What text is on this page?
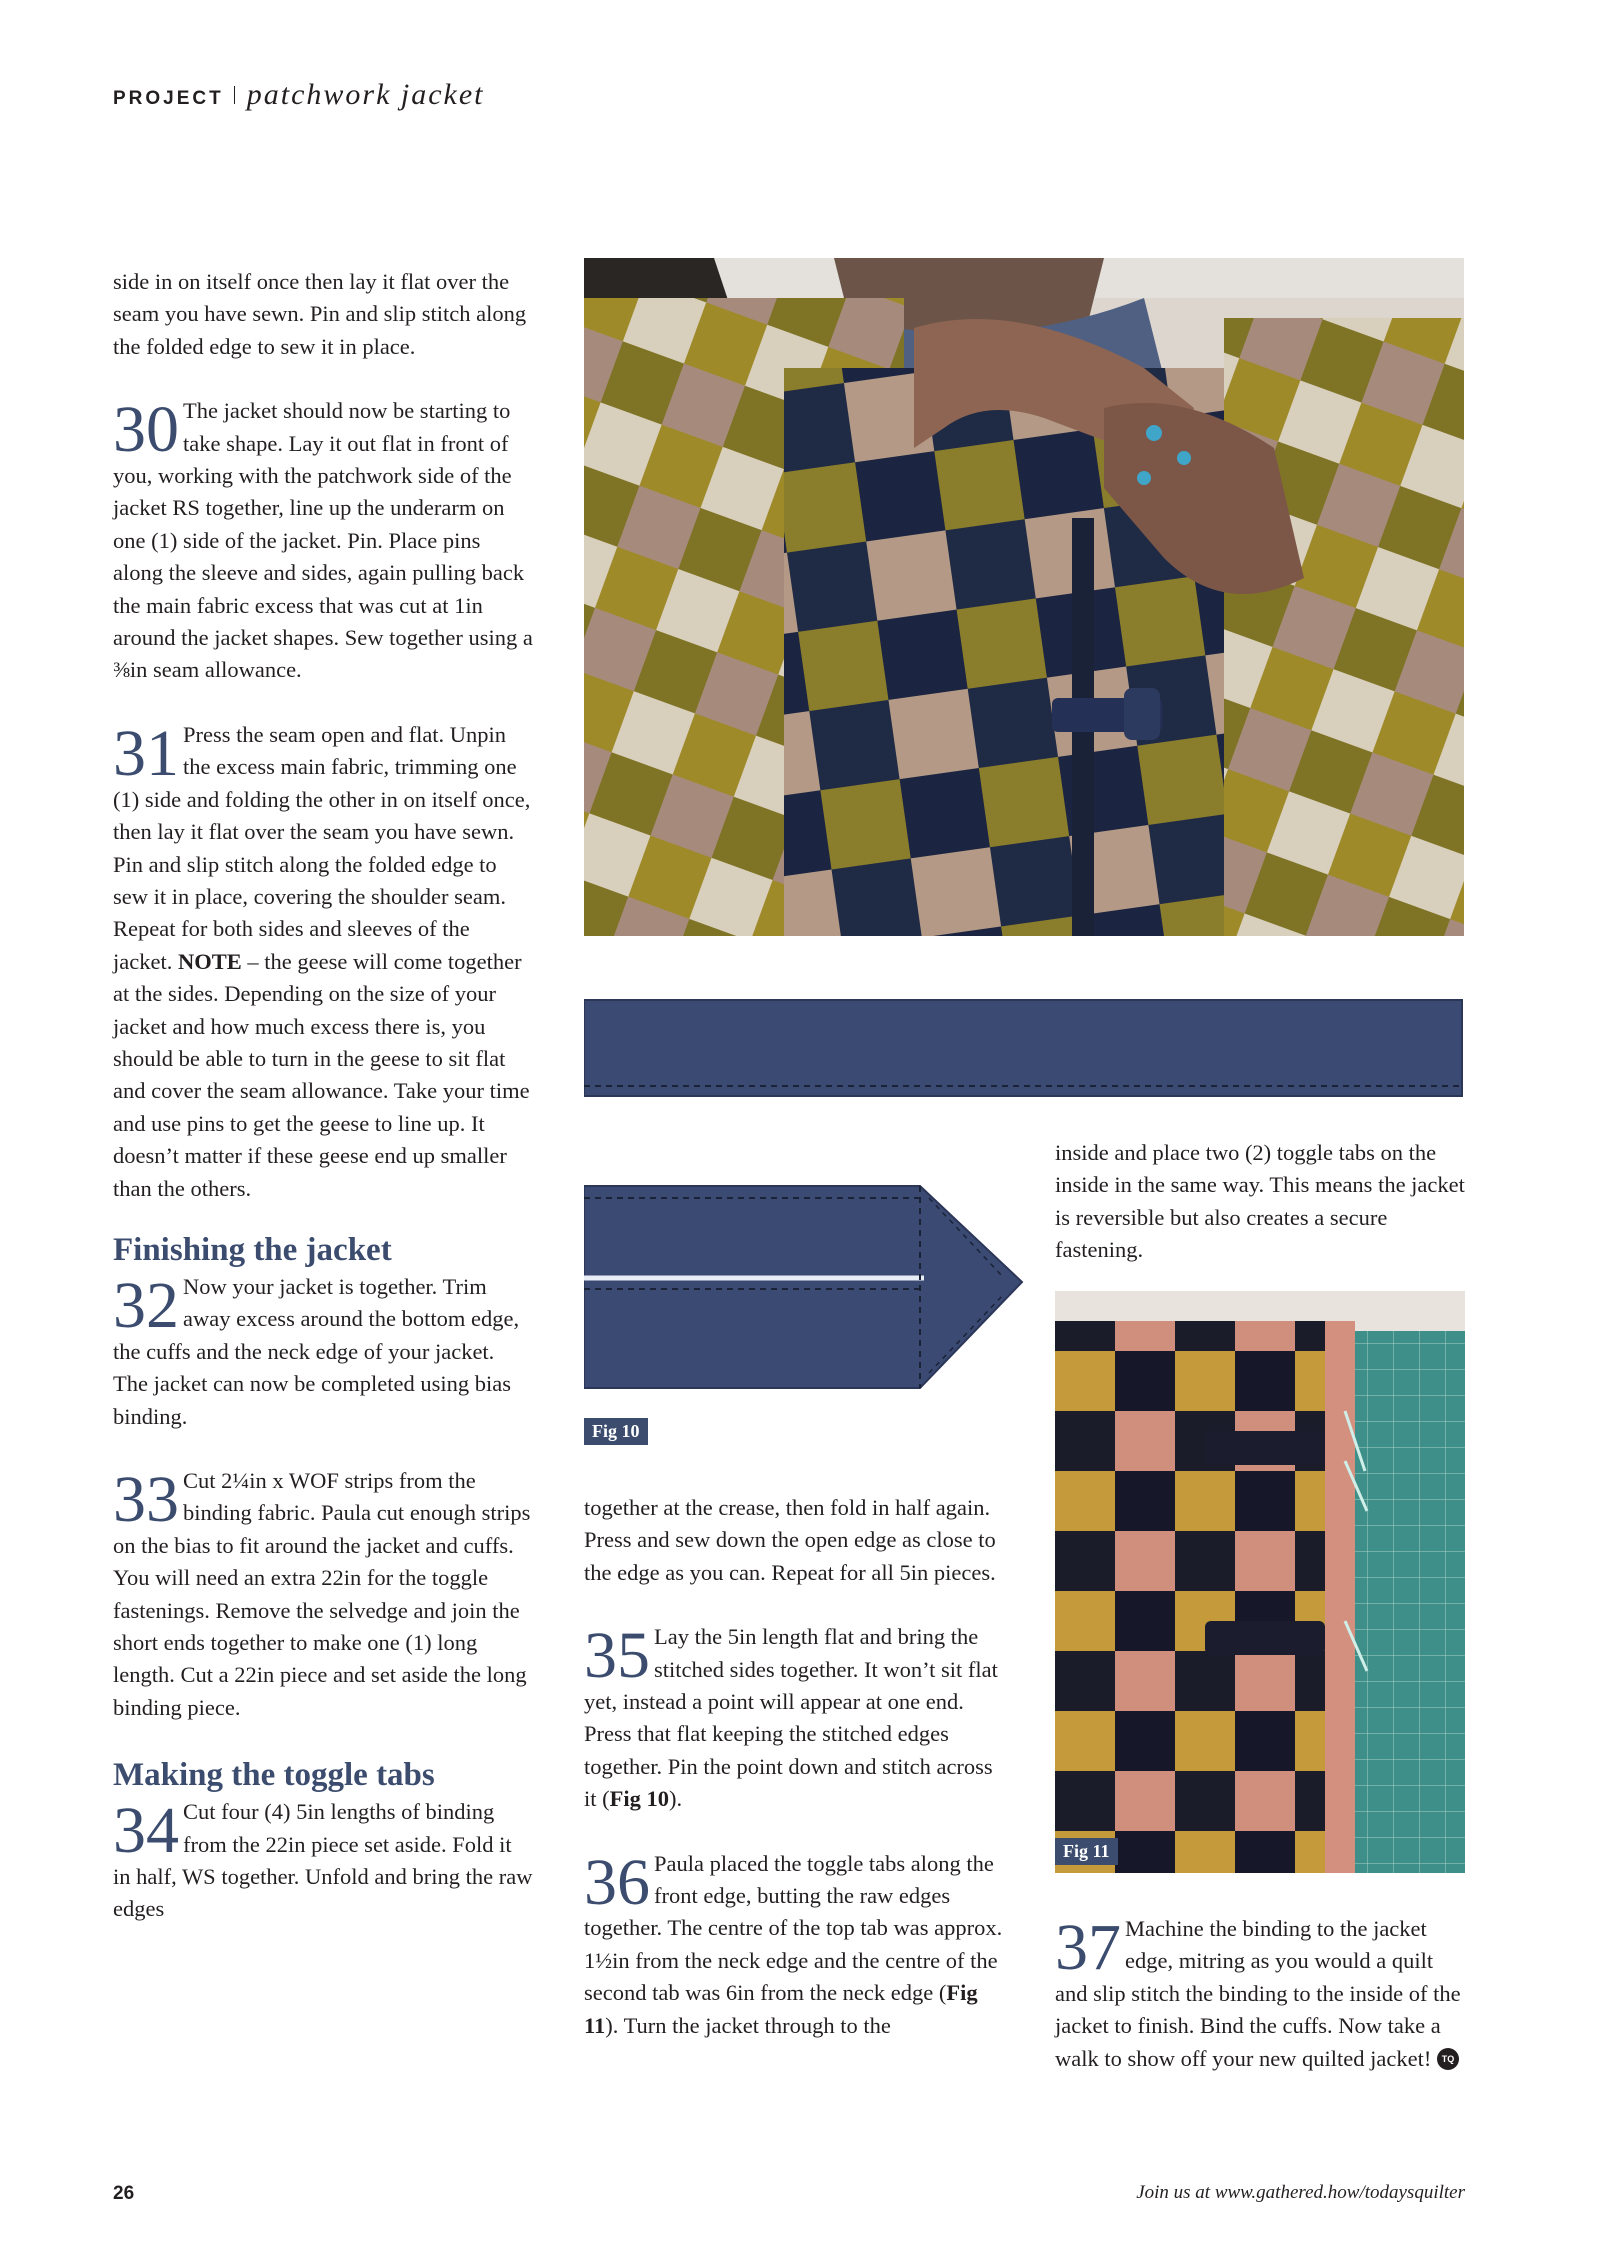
PROJECT patchwork jacket

side in on itself once then lay it flat over the seam you have sewn. Pin and slip stitch along the folded edge to sew it in place.

30 The jacket should now be starting to take shape. Lay it out flat in front of you, working with the patchwork side of the jacket RS together, line up the underarm on one (1) side of the jacket. Pin. Place pins along the sleeve and sides, again pulling back the main fabric excess that was cut at 1in around the jacket shapes. Sew together using a ⅜in seam allowance.
31 Press the seam open and flat. Unpin the excess main fabric, trimming one (1) side and folding the other in on itself once, then lay it flat over the seam you have sewn. Pin and slip stitch along the folded edge to sew it in place, covering the shoulder seam. Repeat for both sides and sleeves of the jacket. NOTE – the geese will come together at the sides. Depending on the size of your jacket and how much excess there is, you should be able to turn in the geese to sit flat and cover the seam allowance. Take your time and use pins to get the geese to line up. It doesn’t matter if these geese end up smaller than the others.
Finishing the jacket
32 Now your jacket is together. Trim away excess around the bottom edge, the cuffs and the neck edge of your jacket. The jacket can now be completed using bias binding.
33 Cut 2¼in x WOF strips from the binding fabric. Paula cut enough strips on the bias to fit around the jacket and cuffs. You will need an extra 22in for the toggle fastenings. Remove the selvedge and join the short ends together to make one (1) long length. Cut a 22in piece and set aside the long binding piece.
Making the toggle tabs
34 Cut four (4) 5in lengths of binding from the 22in piece set aside. Fold it in half, WS together. Unfold and bring the raw edges
Fig 10

together at the crease, then fold in half again. Press and sew down the open edge as close to the edge as you can. Repeat for all 5in pieces.

35 Lay the 5in length flat and bring the stitched sides together. It won’t sit flat yet, instead a point will appear at one end. Press that flat keeping the stitched edges together. Pin the point down and stitch across it (Fig 10).
36 Paula placed the toggle tabs along the front edge, butting the raw edges together. The centre of the top tab was approx. 1½in from the neck edge and the centre of the second tab was 6in from the neck edge (Fig 11). Turn the jacket through to the

inside and place two (2) toggle tabs on the inside in the same way. This means the jacket is reversible but also creates a secure fastening.

Fig 11
37 Machine the binding to the jacket edge, mitring as you would a quilt and slip stitch the binding to the inside of the jacket to finish. Bind the cuffs. Now take a walk to show off your new quilted jacket! TQ
26	Join us at www.gathered.how/todaysquilter
